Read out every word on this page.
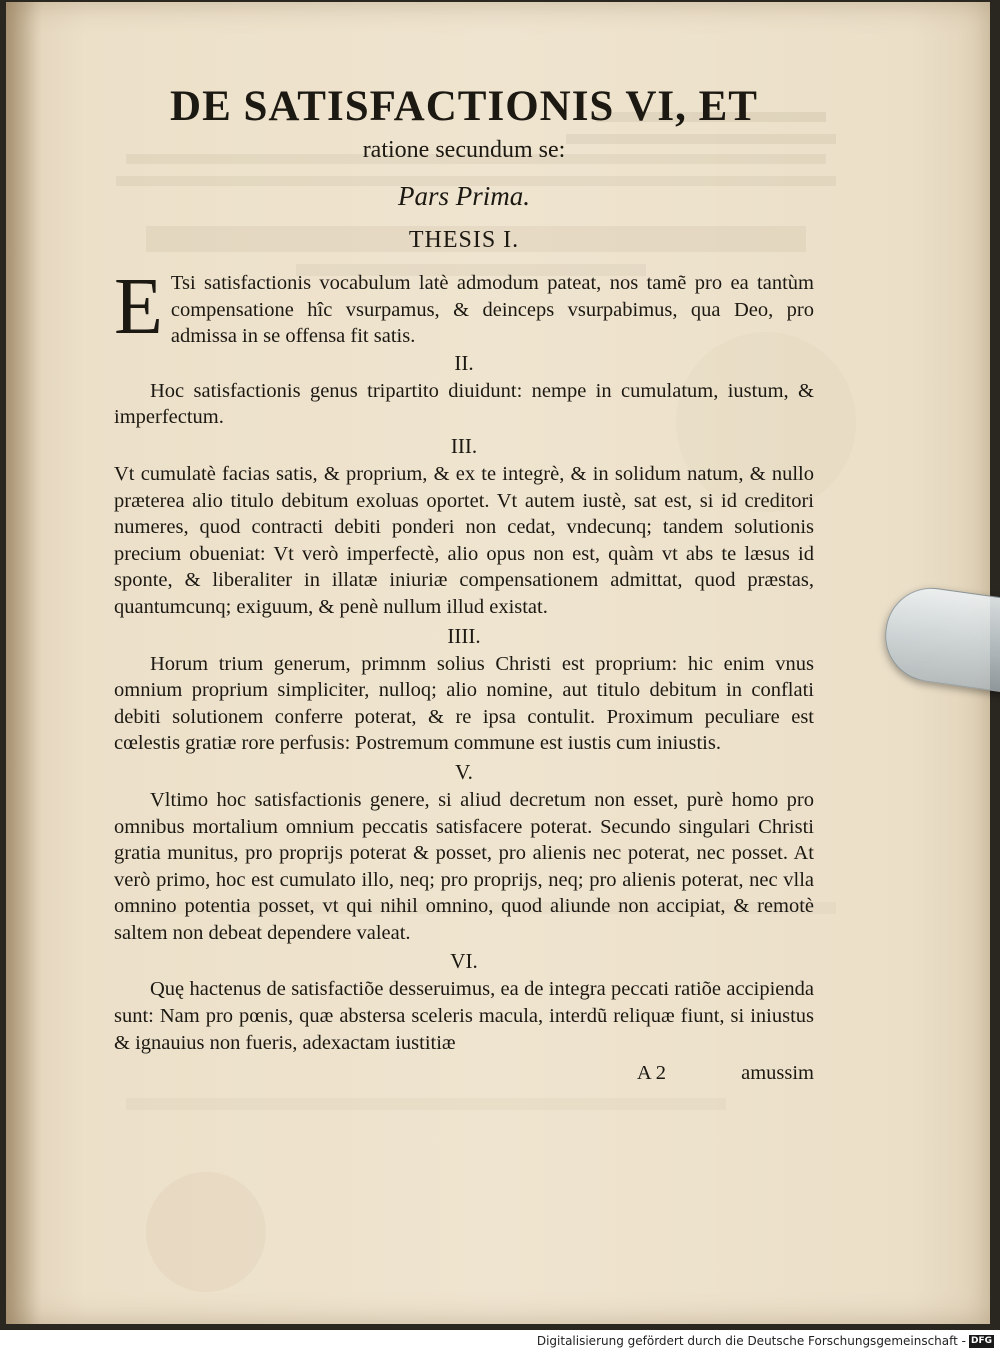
DE SATISFACTIONIS VI, ET
ratione secundum se:
Pars Prima.
THESIS I.

ETsi satisfactionis vocabulum latè admodum pateat, nos tamẽ pro ea tantùm compensatione hîc vsurpamus, & deinceps vsurpabimus, qua Deo, pro admissa in se offensa fit satis.

II.

Hoc satisfactionis genus tripartito diuidunt: nempe in cumulatum, iustum, & imperfectum.

III.

Vt cumulatè facias satis, & proprium, & ex te integrè, & in solidum natum, & nullo præterea alio titulo debitum exoluas oportet. Vt autem iustè, sat est, si id creditori numeres, quod contracti debiti ponderi non cedat, vndecunq; tandem solutionis precium obueniat: Vt verò imperfectè, alio opus non est, quàm vt abs te læsus id sponte, & liberaliter in illatæ iniuriæ compensationem admittat, quod præstas, quantumcunq; exiguum, & penè nullum illud existat.

IIII.

Horum trium generum, primnm solius Christi est proprium: hic enim vnus omnium proprium simpliciter, nulloq; alio nomine, aut titulo debitum in conflati debiti solutionem conferre poterat, & re ipsa contulit. Proximum peculiare est cœlestis gratiæ rore perfusis: Postremum commune est iustis cum iniustis.

V.

Vltimo hoc satisfactionis genere, si aliud decretum non esset, purè homo pro omnibus mortalium omnium peccatis satisfacere poterat. Secundo singulari Christi gratia munitus, pro proprijs poterat & posset, pro alienis nec poterat, nec posset. At verò primo, hoc est cumulato illo, neq; pro proprijs, neq; pro alienis poterat, nec vlla omnino potentia posset, vt qui nihil omnino, quod aliunde non accipiat, & remotè saltem non debeat dependere valeat.

VI.

Quę hactenus de satisfactiõe desseruimus, ea de integra peccati ratiõe accipienda sunt: Nam pro pœnis, quæ abstersa sceleris macula, interdũ reliquæ fiunt, si iniustus & ignauius non fueris, adexactam iustitiæ

A 2	amussim
Digitalisierung gefördert durch die Deutsche Forschungsgemeinschaft - DFG
